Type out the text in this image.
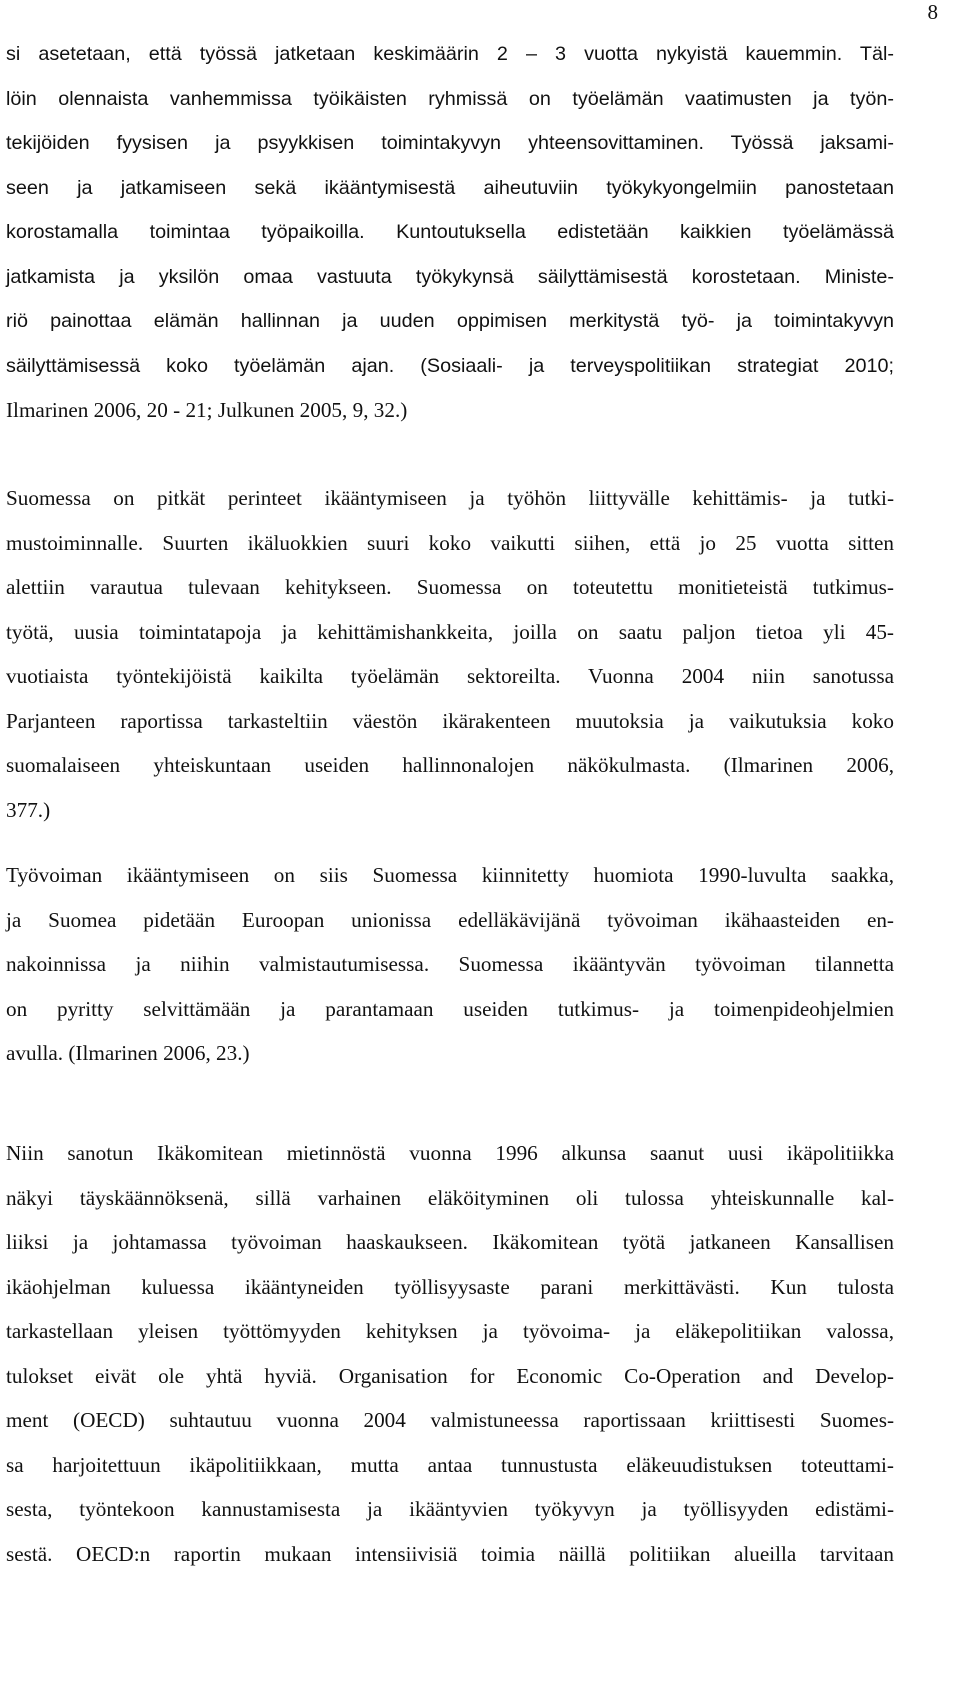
8
si asetetaan, että työssä jatketaan keskimäärin 2 – 3 vuotta nykyistä kauemmin. Täl-
löin olennaista vanhemmissa työikäisten ryhmissä on työelämän vaatimusten ja työn-
tekijöiden fyysisen ja psyykkisen toimintakyvyn yhteensovittaminen. Työssä jaksami-
seen ja jatkamiseen sekä ikääntymisestä aiheutuviin työkykyongelmiin panostetaan
korostamalla toimintaa työpaikoilla. Kuntoutuksella edistetään kaikkien työelämässä
jatkamista ja yksilön omaa vastuuta työkykynsä säilyttämisestä korostetaan. Ministe-
riö painottaa elämän hallinnan ja uuden oppimisen merkitystä työ- ja toimintakyvyn
säilyttämisessä koko työelämän ajan. (Sosiaali- ja terveyspolitiikan strategiat 2010;
Ilmarinen 2006, 20 - 21; Julkunen 2005, 9, 32.)
Suomessa on pitkät perinteet ikääntymiseen ja työhön liittyvälle kehittämis- ja tutki-
mustoiminnalle. Suurten ikäluokkien suuri koko vaikutti siihen, että jo 25 vuotta sitten
alettiin varautua tulevaan kehitykseen. Suomessa on toteutettu monitieteistä tutkimus-
työtä, uusia toimintatapoja ja kehittämishankkeita, joilla on saatu paljon tietoa yli 45-
vuotiaista työntekijöistä kaikilta työelämän sektoreilta. Vuonna 2004 niin sanotussa
Parjanteen raportissa tarkasteltiin väestön ikärakenteen muutoksia ja vaikutuksia koko
suomalaiseen yhteiskuntaan useiden hallinnonalojen näkökulmasta. (Ilmarinen 2006,
377.)
Työvoiman ikääntymiseen on siis Suomessa kiinnitetty huomiota 1990-luvulta saakka,
ja Suomea pidetään Euroopan unionissa edelläkävijänä työvoiman ikähaasteiden en-
nakoinnissa ja niihin valmistautumisessa. Suomessa ikääntyvän työvoiman tilannetta
on pyritty selvittämään ja parantamaan useiden tutkimus- ja toimenpideohjelmien
avulla. (Ilmarinen 2006, 23.)
Niin sanotun Ikäkomitean mietinnöstä vuonna 1996 alkunsa saanut uusi ikäpolitiikka
näkyi täyskäännöksenä, sillä varhainen eläköityminen oli tulossa yhteiskunnalle kal-
liiksi ja johtamassa työvoiman haaskaukseen. Ikäkomitean työtä jatkaneen Kansallisen
ikäohjelman kuluessa ikääntyneiden työllisyysaste parani merkittävästi. Kun tulosta
tarkastellaan yleisen työttömyyden kehityksen ja työvoima- ja eläkepolitiikan valossa,
tulokset eivät ole yhtä hyviä. Organisation for Economic Co-Operation and Develop-
ment (OECD) suhtautuu vuonna 2004 valmistuneessa raportissaan kriittisesti Suomes-
sa harjoitettuun ikäpolitiikkaan, mutta antaa tunnustusta eläkeuudistuksen toteuttami-
sesta, työntekoon kannustamisesta ja ikääntyvien työkyvyn ja työllisyyden edistämi-
sestä. OECD:n raportin mukaan intensiivisiä toimia näillä politiikan alueilla tarvitaan
